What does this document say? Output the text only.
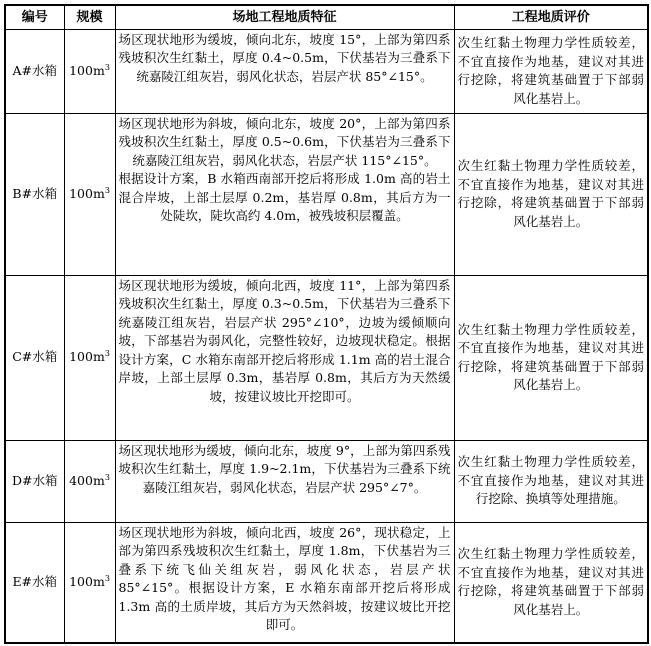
编号	规模	场地工程地质特征	工程地质评价
A#水箱	$100m^3$	场区现状地形为缓坡，倾向北东，坡度 15°，上部为第四系残坡积次生红黏土，厚度 0.4~0.5m，下伏基岩为三叠系下统嘉陵江组灰岩，弱风化状态，岩层产状 85°∠15°。	次生红黏土物理力学性质较差，不宜直接作为地基，建议对其进行挖除，将建筑基础置于下部弱风化基岩上。

B#水箱	$100m^3$	场区现状地形为斜坡，倾向北东，坡度 20°，上部为第四系残坡积次生红黏土，厚度 0.5~0.6m，下伏基岩为三叠系下统嘉陵江组灰岩，弱风化状态，岩层产状 115°∠15°。
根据设计方案，B 水箱西南部开挖后将形成 1.0m 高的岩土混合岸坡，上部土层厚 0.2m，基岩厚 0.8m，其后方为一处陡坎，陡坎高约 4.0m，被残坡积层覆盖。	次生红黏土物理力学性质较差，不宜直接作为地基，建议对其进行挖除，将建筑基础置于下部弱风化基岩上。

C#水箱	$100m^3$	场区现状地形为缓坡，倾向北西，坡度 11°，上部为第四系残坡积次生红黏土，厚度 0.3~0.5m，下伏基岩为三叠系下统嘉陵江组灰岩，岩层产状 295°∠10°，边坡为缓倾顺向坡，下部基岩为弱风化，完整性较好，边坡现状稳定。根据设计方案，C 水箱东南部开挖后将形成 1.1m 高的岩土混合岸坡，上部土层厚 0.3m，基岩厚 0.8m，其后方为天然缓坡，按建议坡比开挖即可。	次生红黏土物理力学性质较差，不宜直接作为地基，建议对其进行挖除，将建筑基础置于下部弱风化基岩上。

D#水箱	$400m^3$	场区现状地形为缓坡，倾向北东，坡度 9°，上部为第四系残坡积次生红黏土，厚度 1.9~2.1m，下伏基岩为三叠系下统嘉陵江组灰岩，弱风化状态，岩层产状 295°∠7°。	次生红黏土物理力学性质较差，不宜直接作为地基，建议对其进行挖除、换填等处理措施。

E#水箱	$100m^3$	场区现状地形为斜坡，倾向北西，坡度 26°，现状稳定，上部为第四系残坡积次生红黏土，厚度 1.8m，下伏基岩为三叠系下统飞仙关组灰岩，弱风化状态，岩层产状 85°∠15°。根据设计方案，E 水箱东南部开挖后将形成 1.3m 高的土质岸坡，其后方为天然斜坡，按建议坡比开挖即可。	次生红黏土物理力学性质较差，不宜直接作为地基，建议对其进行挖除，将建筑基础置于下部弱风化基岩上。
